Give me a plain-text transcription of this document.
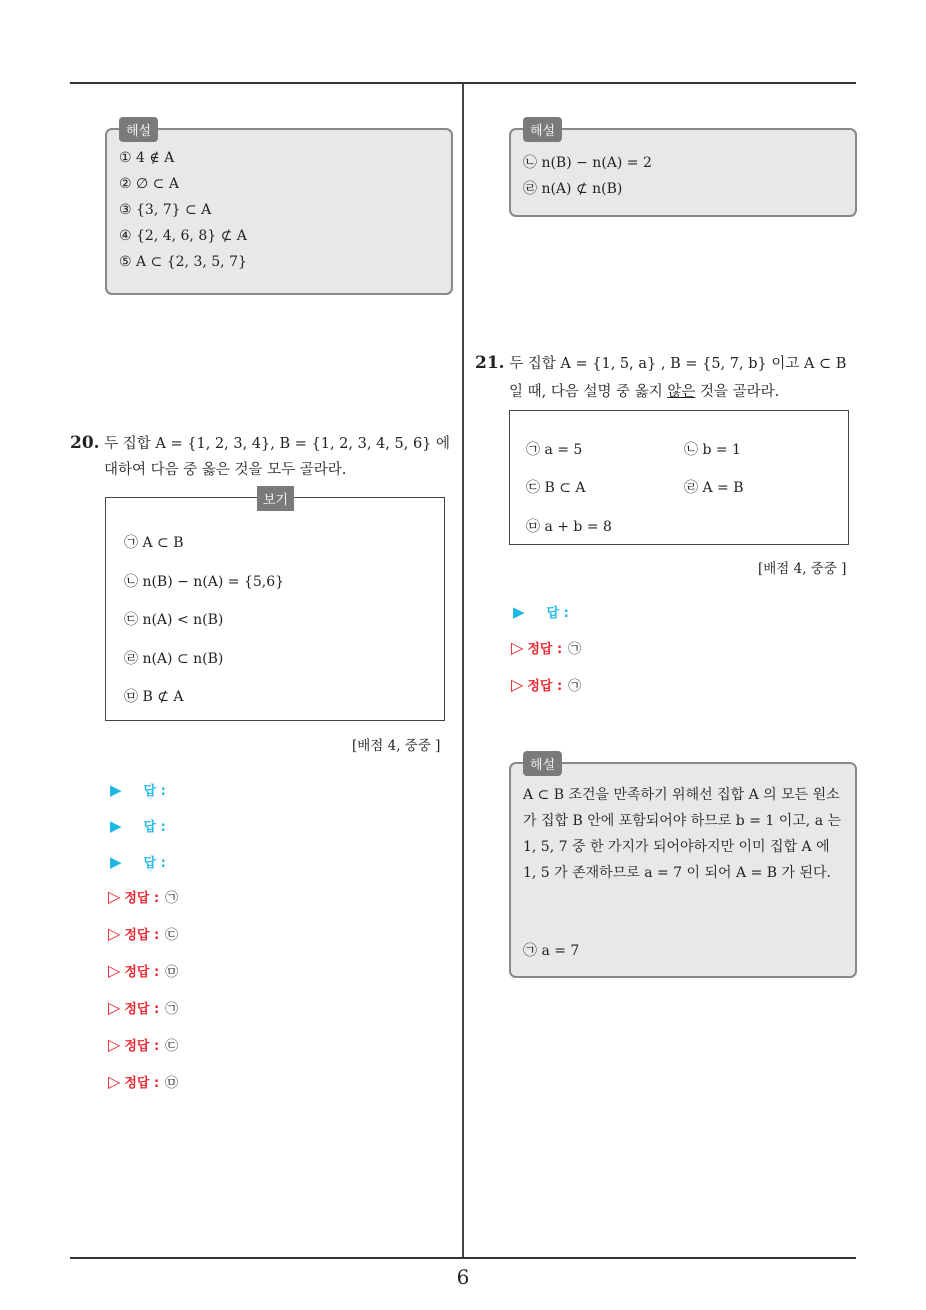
해설
① 4 ∉ A
② ∅ ⊂ A
③ {3, 7} ⊂ A
④ {2, 4, 6, 8} ⊄ A
⑤ A ⊂ {2, 3, 5, 7}
20. 두 집합 A = {1, 2, 3, 4}, B = {1, 2, 3, 4, 5, 6} 에
대하여 다음 중 옳은 것을 모두 골라라.
보기
㉠ A ⊂ B
㉡ n(B) − n(A) = {5,6}
㉢ n(A) < n(B)
㉣ n(A) ⊂ n(B)
㉤ B ⊄ A
[배점 4, 중중 ]
▶ 답 :
▶ 답 :
▶ 답 :
▷ 정답 : ㉠
▷ 정답 : ㉢
▷ 정답 : ㉤
▷ 정답 : ㉠
▷ 정답 : ㉢
▷ 정답 : ㉤
해설
㉡ n(B) − n(A) = 2
㉣ n(A) ⊄ n(B)
21. 두 집합 A = {1, 5, a} , B = {5, 7, b} 이고 A ⊂ B
일 때, 다음 설명 중 옳지 않은 것을 골라라.
㉠ a = 5	㉡ b = 1
㉢ B ⊂ A	㉣ A = B
㉤ a + b = 8
[배점 4, 중중 ]
▶ 답 :
▷ 정답 : ㉠
▷ 정답 : ㉠
해설
A ⊂ B 조건을 만족하기 위해선 집합 A 의 모든 원소가 집합 B 안에 포함되어야 하므로 b = 1 이고, a 는 1, 5, 7 중 한 가지가 되어야하지만 이미 집합 A 에 1, 5 가 존재하므로 a = 7 이 되어 A = B 가 된다.
㉠ a = 7
6
